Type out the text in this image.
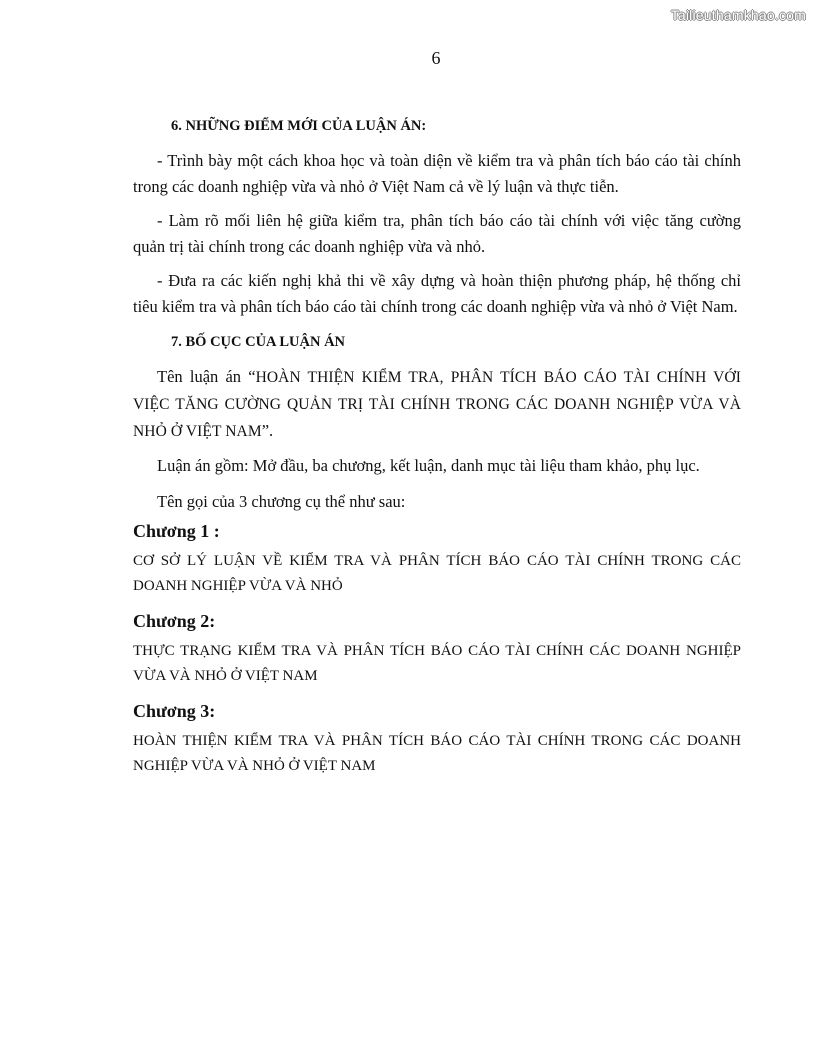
Tailieuthamkhao.com
6
6. NHỮNG ĐIỂM MỚI CỦA LUẬN ÁN:

- Trình bày một cách khoa học và toàn diện về kiểm tra và phân tích báo cáo tài chính trong các doanh nghiệp vừa và nhỏ ở Việt Nam cả về lý luận và thực tiễn.

- Làm rõ mối liên hệ giữa kiểm tra, phân tích báo cáo tài chính với việc tăng cường quản trị tài chính trong các doanh nghiệp vừa và nhỏ.

- Đưa ra các kiến nghị khả thi về xây dựng và hoàn thiện phương pháp, hệ thống chỉ tiêu kiểm tra và phân tích báo cáo tài chính trong các doanh nghiệp vừa và nhỏ ở Việt Nam.

7. BỐ CỤC CỦA LUẬN ÁN

Tên luận án “HOÀN THIỆN KIỂM TRA, PHÂN TÍCH BÁO CÁO TÀI CHÍNH VỚI VIỆC TĂNG CƯỜNG QUẢN TRỊ TÀI CHÍNH TRONG CÁC DOANH NGHIỆP VỪA VÀ NHỎ Ở VIỆT NAM”.

Luận án gồm: Mở đầu, ba chương, kết luận, danh mục tài liệu tham khảo, phụ lục.

Tên gọi của 3 chương cụ thể như sau:

Chương 1 :

CƠ SỞ LÝ LUẬN VỀ KIỂM TRA VÀ PHÂN TÍCH BÁO CÁO TÀI CHÍNH TRONG CÁC DOANH NGHIỆP VỪA VÀ NHỎ

Chương 2:

THỰC TRẠNG KIỂM TRA VÀ PHÂN TÍCH BÁO CÁO TÀI CHÍNH CÁC DOANH NGHIỆP VỪA VÀ NHỎ Ở VIỆT NAM

Chương 3:

HOÀN THIỆN KIỂM TRA VÀ PHÂN TÍCH BÁO CÁO TÀI CHÍNH TRONG CÁC DOANH NGHIỆP VỪA VÀ NHỎ Ở VIỆT NAM
